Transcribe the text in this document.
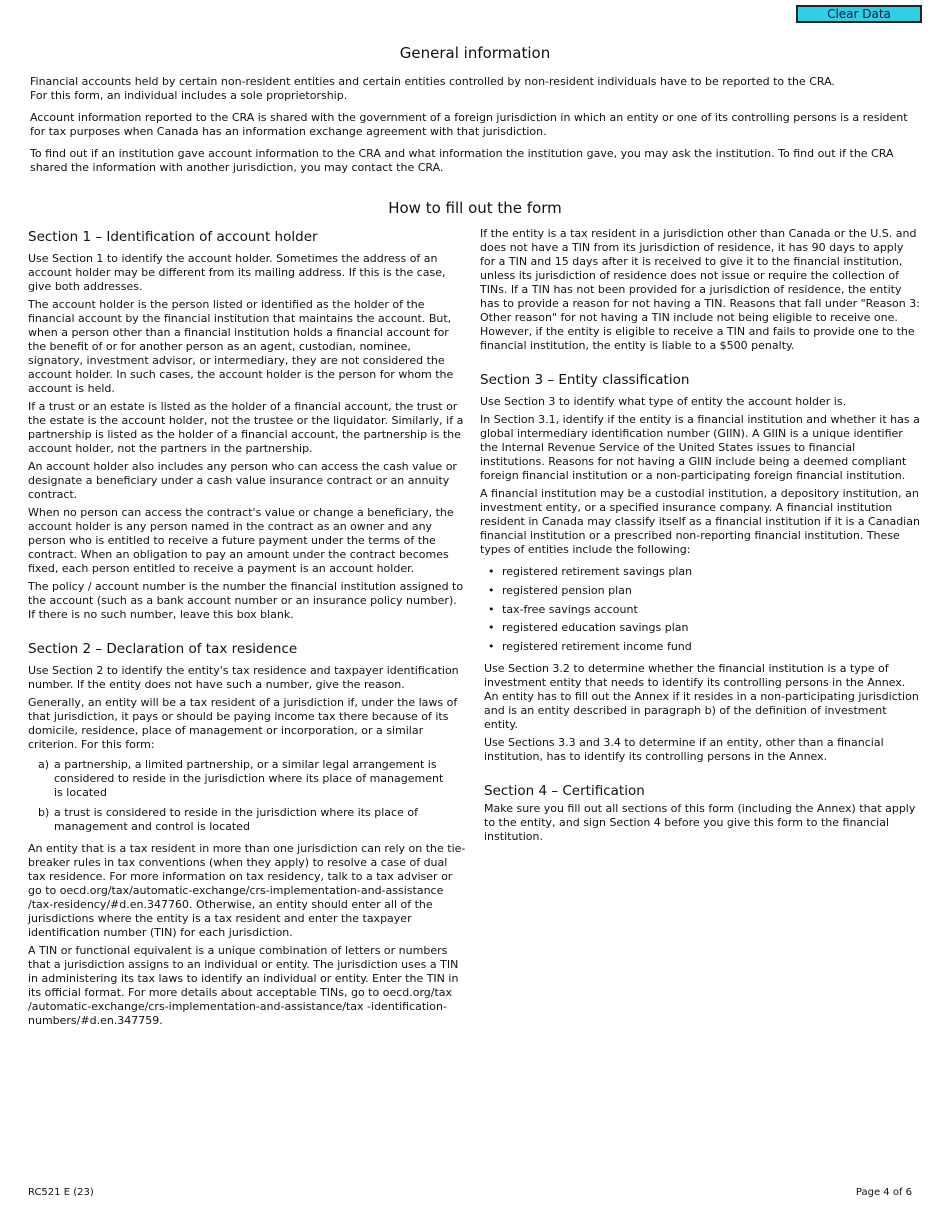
Clear Data
General information

Financial accounts held by certain non-resident entities and certain entities controlled by non-resident individuals have to be reported to the CRA.
For this form, an individual includes a sole proprietorship.

Account information reported to the CRA is shared with the government of a foreign jurisdiction in which an entity or one of its controlling persons is a resident for tax purposes when Canada has an information exchange agreement with that jurisdiction.

To find out if an institution gave account information to the CRA and what information the institution gave, you may ask the institution. To find out if the CRA shared the information with another jurisdiction, you may contact the CRA.

How to fill out the form
Section 1 – Identification of account holder

Use Section 1 to identify the account holder. Sometimes the address of an account holder may be different from its mailing address. If this is the case, give both addresses.

The account holder is the person listed or identified as the holder of the financial account by the financial institution that maintains the account. But, when a person other than a financial institution holds a financial account for the benefit of or for another person as an agent, custodian, nominee, signatory, investment advisor, or intermediary, they are not considered the account holder. In such cases, the account holder is the person for whom the account is held.

If a trust or an estate is listed as the holder of a financial account, the trust or the estate is the account holder, not the trustee or the liquidator. Similarly, if a partnership is listed as the holder of a financial account, the partnership is the account holder, not the partners in the partnership.

An account holder also includes any person who can access the cash value or designate a beneficiary under a cash value insurance contract or an annuity contract.

When no person can access the contract's value or change a beneficiary, the account holder is any person named in the contract as an owner and any person who is entitled to receive a future payment under the terms of the contract. When an obligation to pay an amount under the contract becomes fixed, each person entitled to receive a payment is an account holder.

The policy / account number is the number the financial institution assigned to the account (such as a bank account number or an insurance policy number). If there is no such number, leave this box blank.

Section 2 – Declaration of tax residence

Use Section 2 to identify the entity's tax residence and taxpayer identification number. If the entity does not have such a number, give the reason.

Generally, an entity will be a tax resident of a jurisdiction if, under the laws of that jurisdiction, it pays or should be paying income tax there because of its domicile, residence, place of management or incorporation, or a similar criterion. For this form:

a) a partnership, a limited partnership, or a similar legal arrangement is considered to reside in the jurisdiction where its place of management is located
b) a trust is considered to reside in the jurisdiction where its place of management and control is located

An entity that is a tax resident in more than one jurisdiction can rely on the tie-breaker rules in tax conventions (when they apply) to resolve a case of dual tax residence. For more information on tax residency, talk to a tax adviser or go to oecd.org/tax/automatic-exchange/crs-implementation-and-assistance /tax-residency/#d.en.347760. Otherwise, an entity should enter all of the jurisdictions where the entity is a tax resident and enter the taxpayer identification number (TIN) for each jurisdiction.

A TIN or functional equivalent is a unique combination of letters or numbers that a jurisdiction assigns to an individual or entity. The jurisdiction uses a TIN in administering its tax laws to identify an individual or entity. Enter the TIN in its official format. For more details about acceptable TINs, go to oecd.org/tax /automatic-exchange/crs-implementation-and-assistance/tax -identification-numbers/#d.en.347759.

If the entity is a tax resident in a jurisdiction other than Canada or the U.S. and does not have a TIN from its jurisdiction of residence, it has 90 days to apply for a TIN and 15 days after it is received to give it to the financial institution, unless its jurisdiction of residence does not issue or require the collection of TINs. If a TIN has not been provided for a jurisdiction of residence, the entity has to provide a reason for not having a TIN. Reasons that fall under "Reason 3: Other reason" for not having a TIN include not being eligible to receive one. However, if the entity is eligible to receive a TIN and fails to provide one to the financial institution, the entity is liable to a $500 penalty.

Section 3 – Entity classification

Use Section 3 to identify what type of entity the account holder is.

In Section 3.1, identify if the entity is a financial institution and whether it has a global intermediary identification number (GIIN). A GIIN is a unique identifier the Internal Revenue Service of the United States issues to financial institutions. Reasons for not having a GIIN include being a deemed compliant foreign financial institution or a non-participating foreign financial institution.

A financial institution may be a custodial institution, a depository institution, an investment entity, or a specified insurance company. A financial institution resident in Canada may classify itself as a financial institution if it is a Canadian financial institution or a prescribed non-reporting financial institution. These types of entities include the following:

• registered retirement savings plan
• registered pension plan
• tax-free savings account
• registered education savings plan
• registered retirement income fund

Use Section 3.2 to determine whether the financial institution is a type of investment entity that needs to identify its controlling persons in the Annex. An entity has to fill out the Annex if it resides in a non-participating jurisdiction and is an entity described in paragraph b) of the definition of investment entity.

Use Sections 3.3 and 3.4 to determine if an entity, other than a financial institution, has to identify its controlling persons in the Annex.

Section 4 – Certification

Make sure you fill out all sections of this form (including the Annex) that apply to the entity, and sign Section 4 before you give this form to the financial institution.

RC521 E (23)	Page 4 of 6
